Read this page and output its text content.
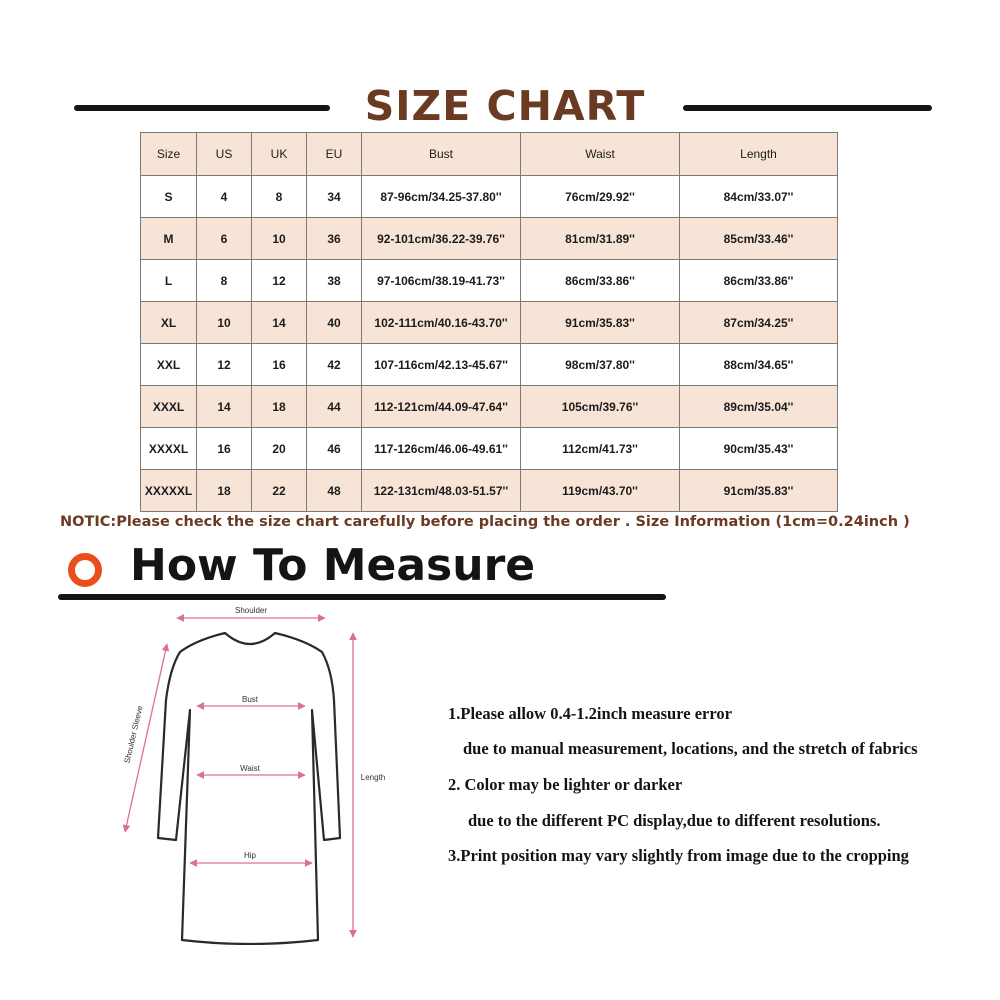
SIZE CHART
Size	US	UK	EU	Bust	Waist	Length
S	4	8	34	87-96cm/34.25-37.80''	76cm/29.92''	84cm/33.07''
M	6	10	36	92-101cm/36.22-39.76''	81cm/31.89''	85cm/33.46''
L	8	12	38	97-106cm/38.19-41.73''	86cm/33.86''	86cm/33.86''
XL	10	14	40	102-111cm/40.16-43.70''	91cm/35.83''	87cm/34.25''
XXL	12	16	42	107-116cm/42.13-45.67''	98cm/37.80''	88cm/34.65''
XXXL	14	18	44	112-121cm/44.09-47.64''	105cm/39.76''	89cm/35.04''
XXXXL	16	20	46	117-126cm/46.06-49.61''	112cm/41.73''	90cm/35.43''
XXXXXL	18	22	48	122-131cm/48.03-51.57''	119cm/43.70''	91cm/35.83''
NOTIC:Please check the size chart carefully before placing the order . Size Information (1cm=0.24inch )
How To Measure
Shoulder
Shoulder Sleeve
Bust
Waist
Hip
Length
1.Please allow 0.4-1.2inch measure error
due to manual measurement, locations, and the stretch of fabrics
2. Color may be lighter or darker
due to the different PC display,due to different resolutions.
3.Print position may vary slightly from image due to the cropping
